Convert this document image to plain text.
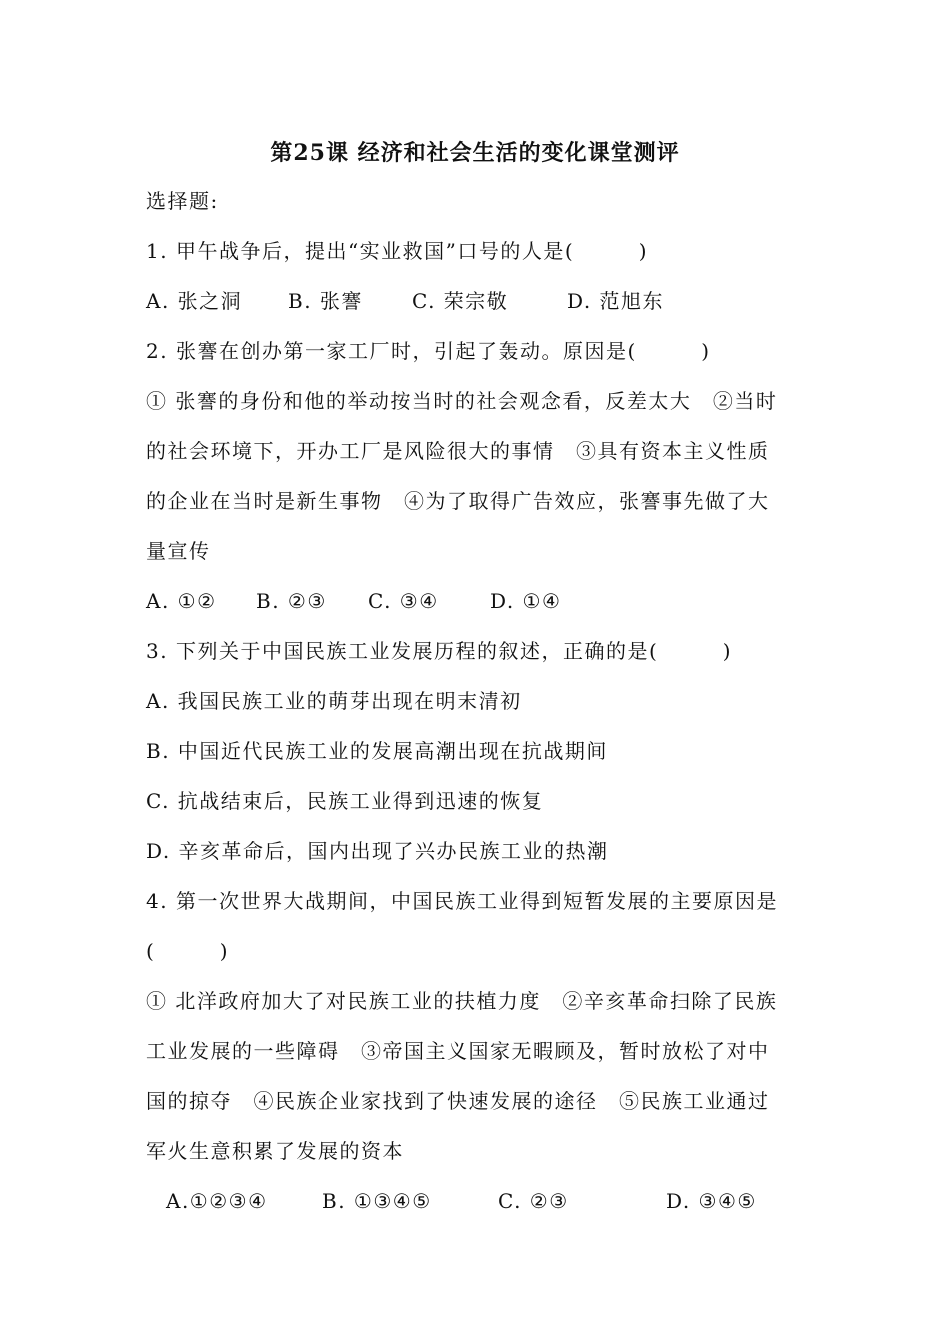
第25课 经济和社会生活的变化课堂测评
选择题:
1. 甲午战争后，提出“实业救国”口号的人是(　　　)
A. 张之洞 B. 张謇 C. 荣宗敬	D. 范旭东
2. 张謇在创办第一家工厂时，引起了轰动。原因是(　　　)
① 张謇的身份和他的举动按当时的社会观念看，反差太大　②当时
的社会环境下，开办工厂是风险很大的事情　③具有资本主义性质
的企业在当时是新生事物　④为了取得广告效应，张謇事先做了大
量宣传
A. ①② B. ②③ C. ③④	D. ①④
3. 下列关于中国民族工业发展历程的叙述，正确的是(　　　)
A. 我国民族工业的萌芽出现在明末清初
B. 中国近代民族工业的发展高潮出现在抗战期间
C. 抗战结束后，民族工业得到迅速的恢复
D. 辛亥革命后，国内出现了兴办民族工业的热潮
4. 第一次世界大战期间，中国民族工业得到短暂发展的主要原因是
(　　　)
① 北洋政府加大了对民族工业的扶植力度　②辛亥革命扫除了民族
工业发展的一些障碍　③帝国主义国家无暇顾及，暂时放松了对中
国的掠夺　④民族企业家找到了快速发展的途径　⑤民族工业通过
军火生意积累了发展的资本
A.①②③④	B. ①③④⑤	C. ②③	D. ③④⑤
